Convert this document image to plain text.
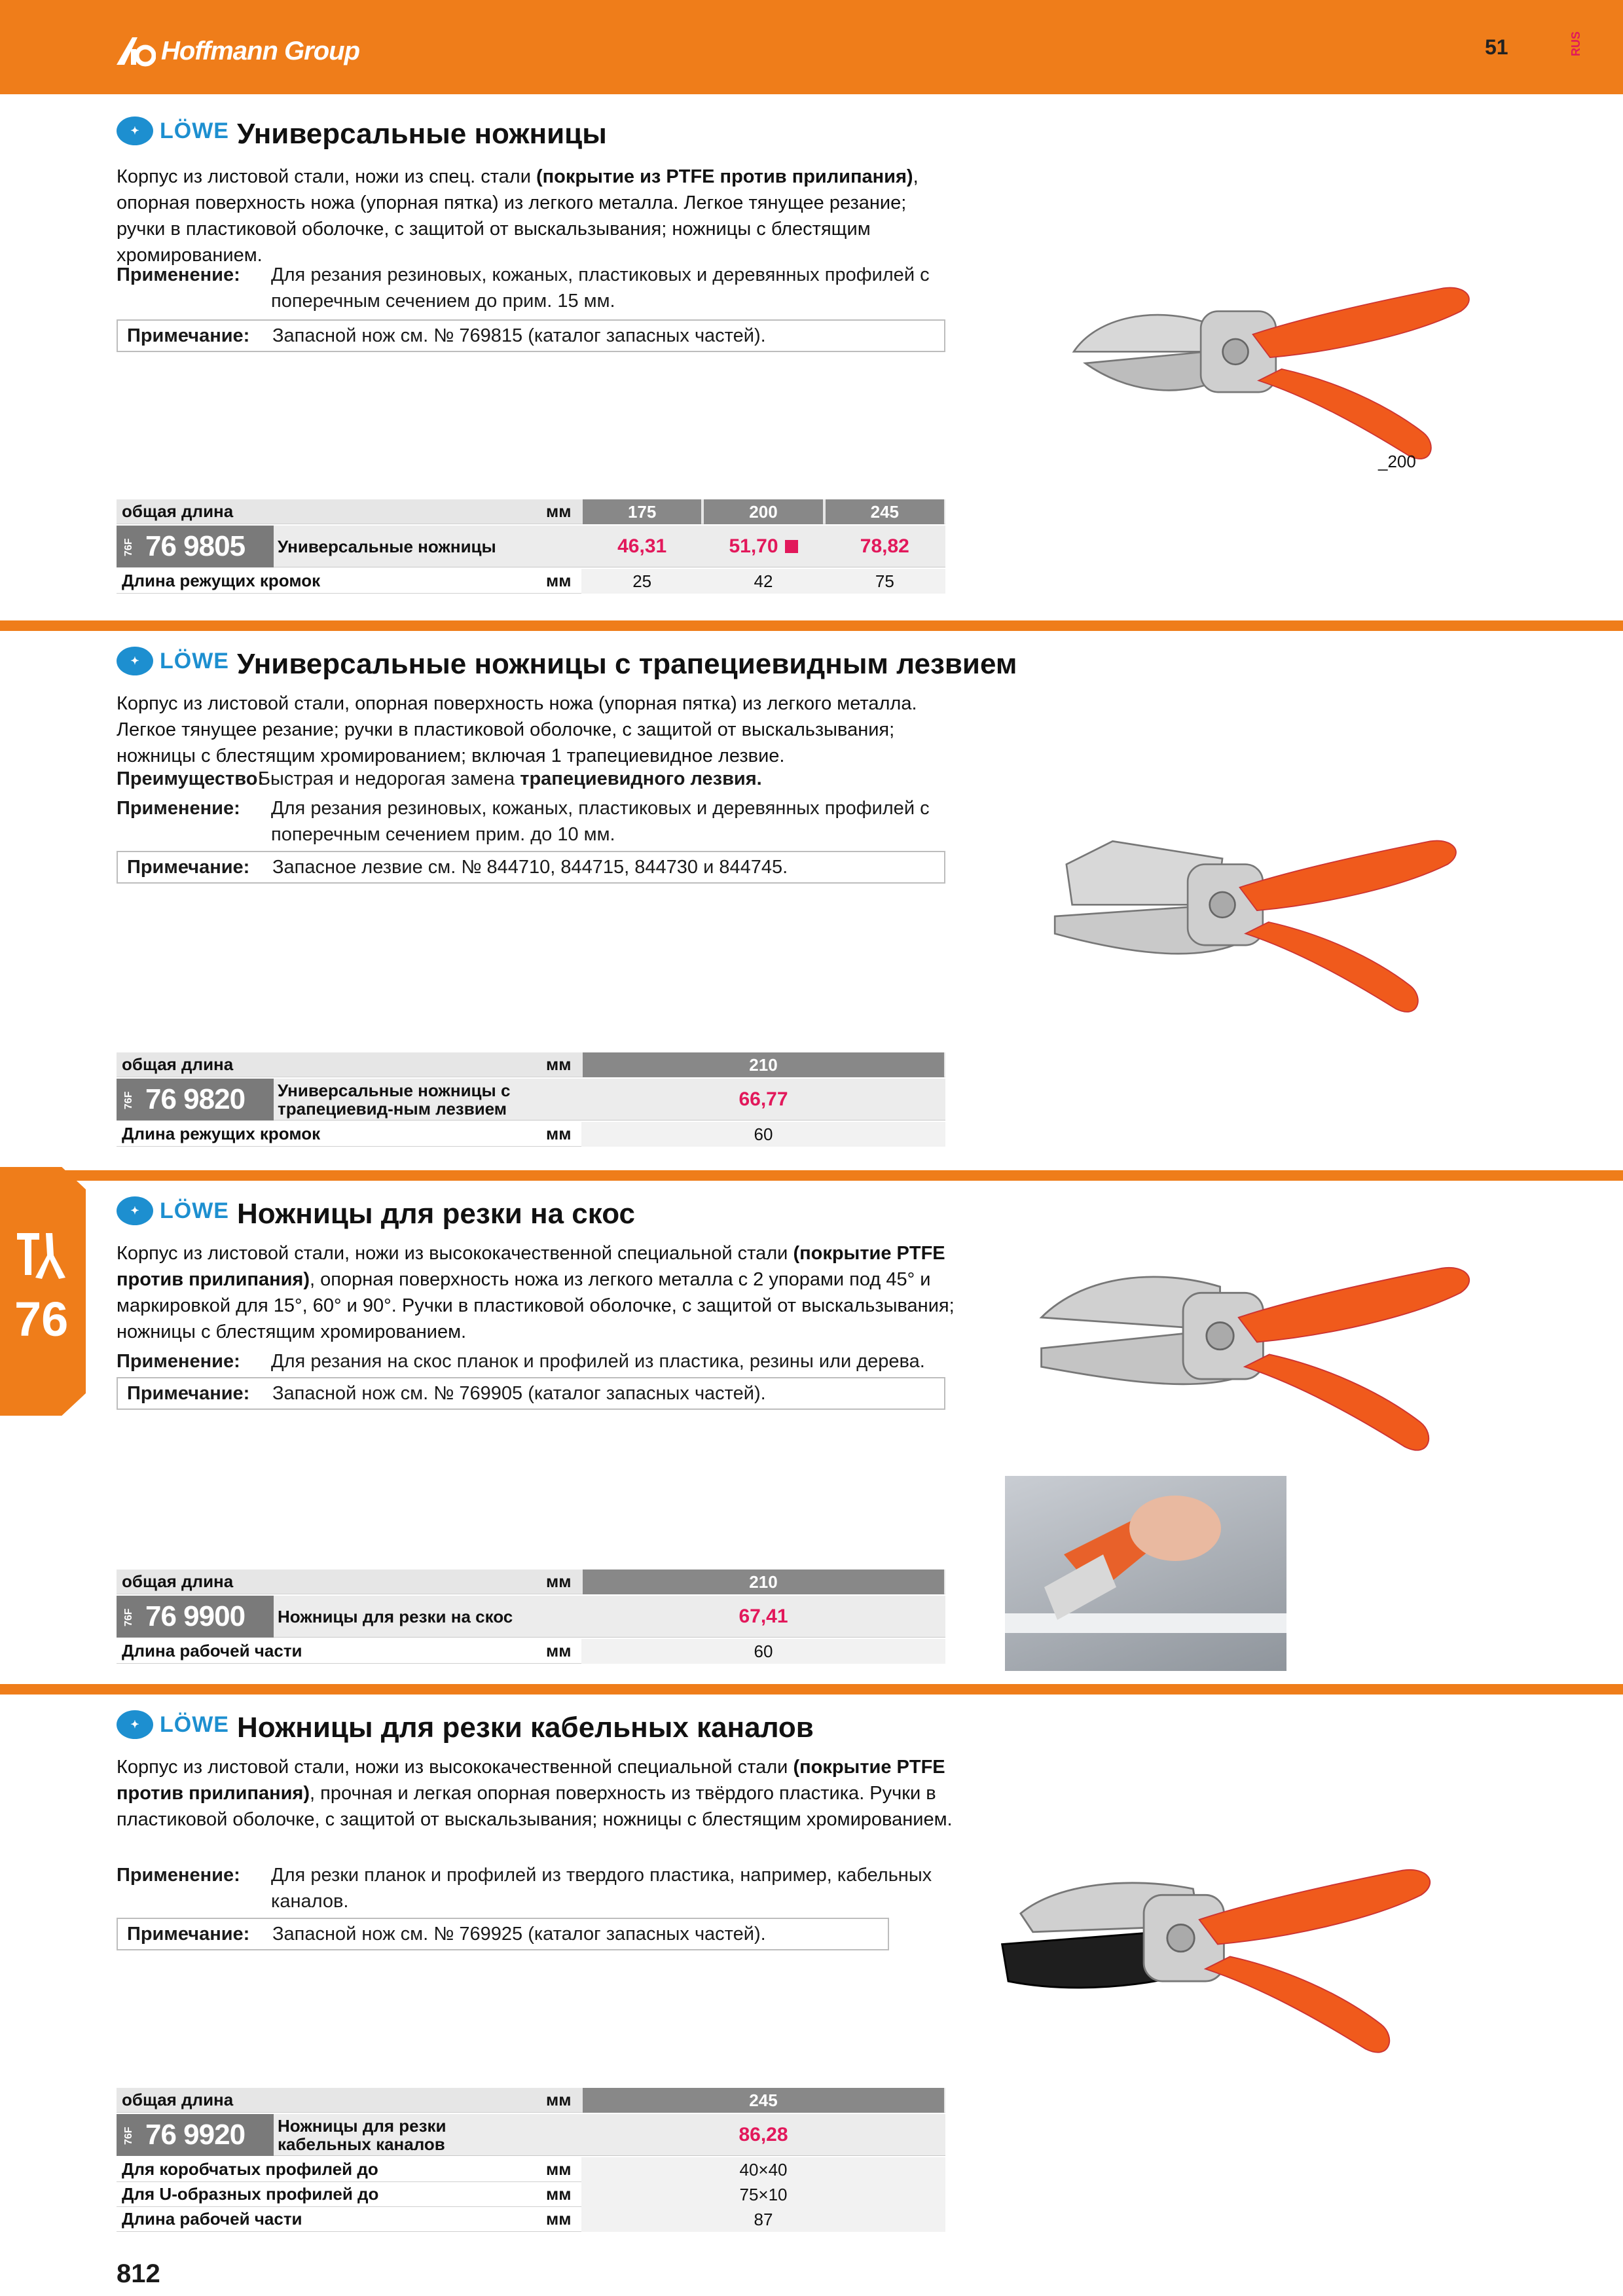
Hoffmann Group	51	RUS
76
812
✦ LÖWE Универсальные ножницы
Корпус из листовой стали, ножи из спец. стали (покрытие из PTFE против прилипания), опорная поверхность ножа (упорная пятка) из легкого металла. Легкое тянущее резание; ручки в пластиковой оболочке, с защитой от выскальзывания; ножницы с блестящим хромированием.
Применение: Для резания резиновых, кожаных, пластиковых и деревянных профилей с поперечным сечением до прим. 15 мм.
Примечание:	Запасной нож см. № 769815 (каталог запасных частей).
_200
общая длина	мм	175	200	245
76F 76 9805 Универсальные ножницы	46,31	51,70	78,82
Длина режущих кромок	мм	25	42	75
✦ LÖWE Универсальные ножницы с трапециевидным лезвием
Корпус из листовой стали, опорная поверхность ножа (упорная пятка) из легкого металла. Легкое тянущее резание; ручки в пластиковой оболочке, с защитой от выскальзывания; ножницы с блестящим хромированием; включая 1 трапециевидное лезвие.
Преимущество:
Быстрая и недорогая замена трапециевидного лезвия.
Применение: Для резания резиновых, кожаных, пластиковых и деревянных профилей с поперечным сечением прим. до 10 мм.
Примечание:	Запасное лезвие см. № 844710, 844715, 844730 и 844745.
общая длина	мм	210
76F 76 9820 Универсальные ножницы с трапециевид-ным лезвием	66,77
Длина режущих кромок	мм	60
✦ LÖWE Ножницы для резки на скос
Корпус из листовой стали, ножи из высококачественной специальной стали (покрытие PTFE против прилипания), опорная поверхность ножа из легкого металла с 2 упорами под 45° и маркировкой для 15°, 60° и 90°. Ручки в пластиковой оболочке, с защитой от выскальзывания; ножницы с блестящим хромированием.
Применение: Для резания на скос планок и профилей из пластика, резины или дерева.
Примечание:	Запасной нож см. № 769905 (каталог запасных частей).
общая длина	мм	210
76F 76 9900 Ножницы для резки на скос	67,41
Длина рабочей части	мм	60
✦ LÖWE Ножницы для резки кабельных каналов
Корпус из листовой стали, ножи из высококачественной специальной стали (покрытие PTFE против прилипания), прочная и легкая опорная поверхность из твёрдого пластика. Ручки в пластиковой оболочке, с защитой от выскальзывания; ножницы с блестящим хромированием.
Применение: Для резки планок и профилей из твердого пластика, например, кабельных каналов.
Примечание:	Запасной нож см. № 769925 (каталог запасных частей).
общая длина	мм	245
76F 76 9920 Ножницы для резки кабельных каналов	86,28
Для коробчатых профилей до	мм	40×40
Для U-образных профилей до	мм	75×10
Длина рабочей части	мм	87
